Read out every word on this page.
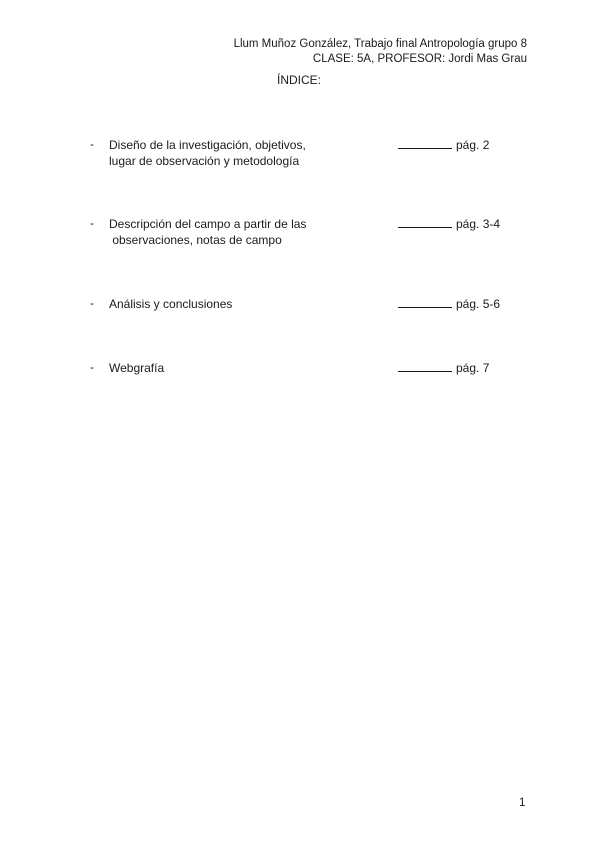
Llum Muñoz González, Trabajo final Antropología grupo 8
CLASE: 5A, PROFESOR: Jordi Mas Grau
ÍNDICE:
- Diseño de la investigación, objetivos,
lugar de observación y metodología
pág. 2
- Descripción del campo a partir de las
observaciones, notas de campo
pág. 3-4
- Análisis y conclusiones	pág. 5-6
- Webgrafía	pág. 7
1
